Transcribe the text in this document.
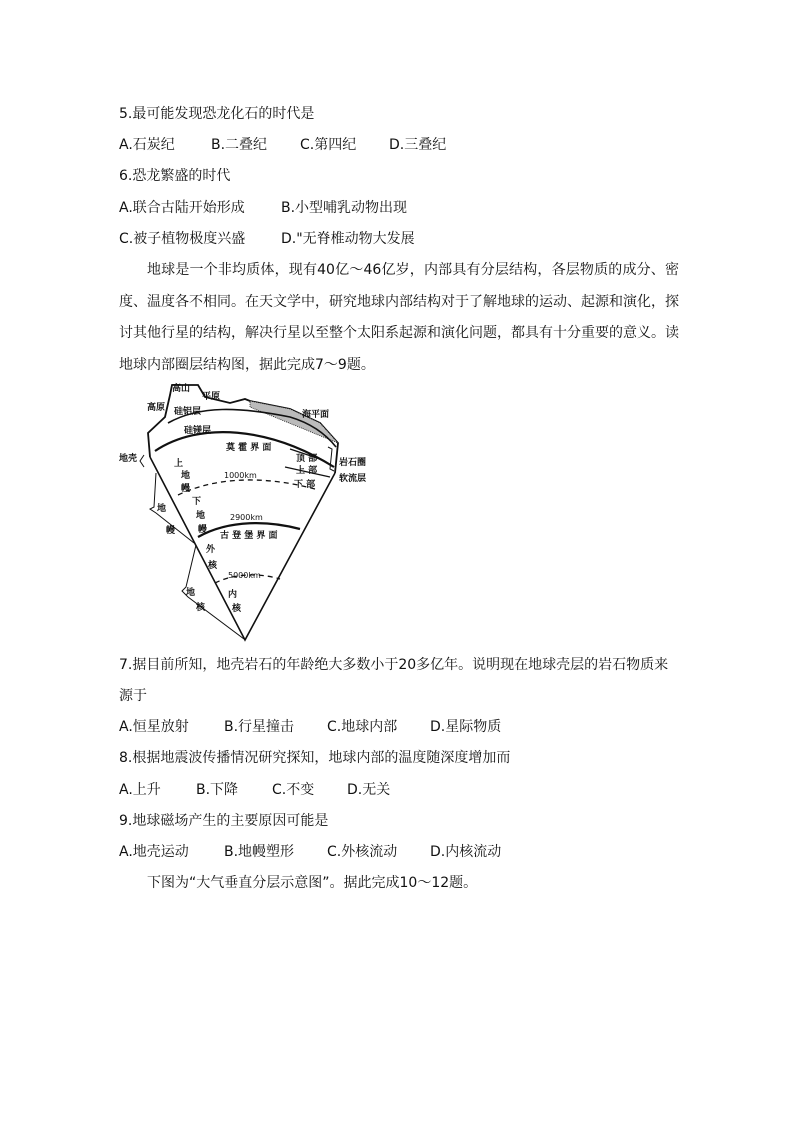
5.最可能发现恐龙化石的时代是
A.石炭纪	B.二叠纪 C.第四纪 D.三叠纪
6.恐龙繁盛的时代
A.联合古陆开始形成	B.小型哺乳动物出现
C.被子植物极度兴盛	D."无脊椎动物大发展
地球是一个非均质体，现有40亿～46亿岁，内部具有分层结构，各层物质的成分、密度、温度各不相同。在天文学中，研究地球内部结构对于了解地球的运动、起源和演化，探讨其他行星的结构，解决行星以至整个太阳系起源和演化问题，都具有十分重要的意义。读地球内部圈层结构图，据此完成7～9题。
高山
平原
高原 硅铝层	海平面
硅镁层
地壳
莫 霍 界 面
顶 部
上
上 部
岩石圈
地	1000km	软流层
下 部
幔
下
地
地	2900km
幔	幔
古 登 堡 界 面
外
核
5000km
地	内
核	核
7.据目前所知，地壳岩石的年龄绝大多数小于20多亿年。说明现在地球壳层的岩石物质来
源于
A.恒星放射	B.行星撞击 C.地球内部 D.星际物质
8.根据地震波传播情况研究探知，地球内部的温度随深度增加而
A.上升	B.下降 C.不变 D.无关
9.地球磁场产生的主要原因可能是
A.地壳运动	B.地幔塑形 C.外核流动 D.内核流动
下图为“大气垂直分层示意图”。据此完成10～12题。
